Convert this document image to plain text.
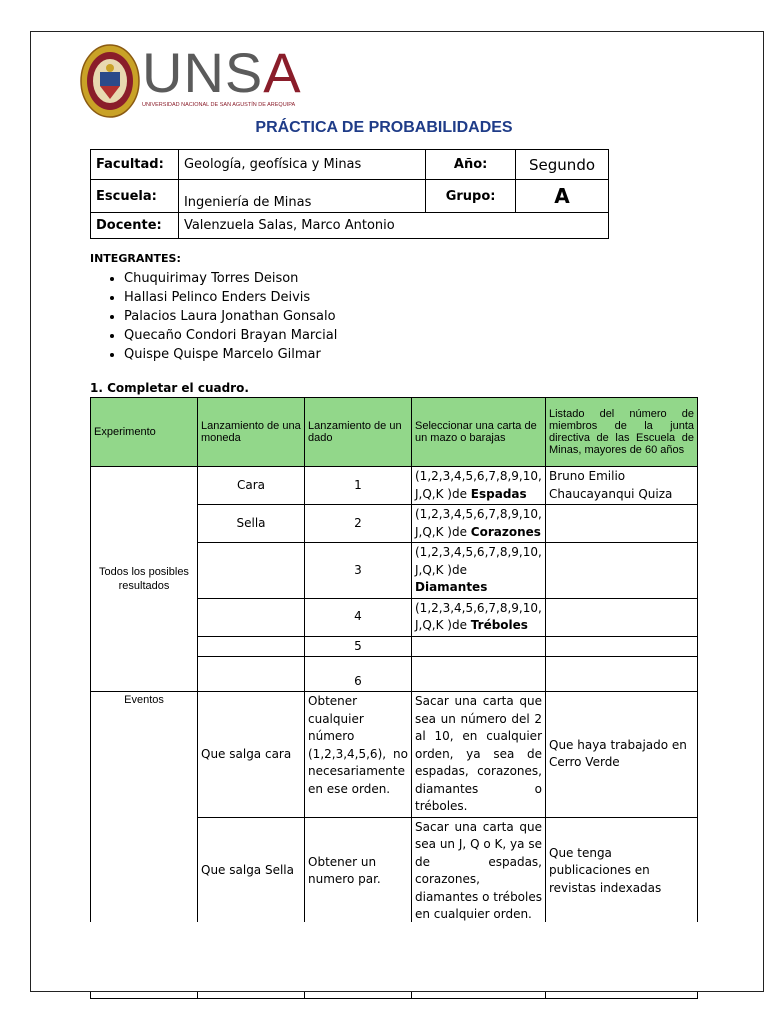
UNSA
UNIVERSIDAD NACIONAL DE SAN AGUSTÍN DE AREQUIPA
PRÁCTICA DE PROBABILIDADES
Facultad:	Geología, geofísica y Minas	Año:	Segundo
Escuela:	Ingeniería de Minas	Grupo:	A
Docente:	Valenzuela Salas, Marco Antonio		
INTEGRANTES:
• Chuquirimay Torres Deison
• Hallasi Pelinco Enders Deivis
• Palacios Laura Jonathan Gonsalo
• Quecaño Condori Brayan Marcial
• Quispe Quispe Marcelo Gilmar
1. Completar el cuadro.
Experimento	Lanzamiento de una moneda	Lanzamiento de un dado	Seleccionar una carta de un mazo o barajas	Listado del número de miembros de la junta directiva de las Escuela de Minas, mayores de 60 años
Todos los posibles resultados	Cara	1	(1,2,3,4,5,6,7,8,9,10, J,Q,K )de Espadas	Bruno Emilio Chaucayanqui Quiza
	Sella	2	(1,2,3,4,5,6,7,8,9,10, J,Q,K )de Corazones	
		3	(1,2,3,4,5,6,7,8,9,10, J,Q,K )de Diamantes	
		4	(1,2,3,4,5,6,7,8,9,10, J,Q,K )de Tréboles	
		5		
		6		
Eventos	Que salga cara	Obtener cualquier número (1,2,3,4,5,6), no necesariamente en ese orden.	Sacar una carta que sea un número del 2 al 10, en cualquier orden, ya sea de espadas, corazones, diamantes o tréboles.	Que haya trabajado en Cerro Verde
	Que salga Sella	Obtener un numero par.	Sacar una carta que sea un J, Q o K, ya se de espadas, corazones, diamantes o tréboles en cualquier orden.	Que tenga publicaciones en revistas indexadas
